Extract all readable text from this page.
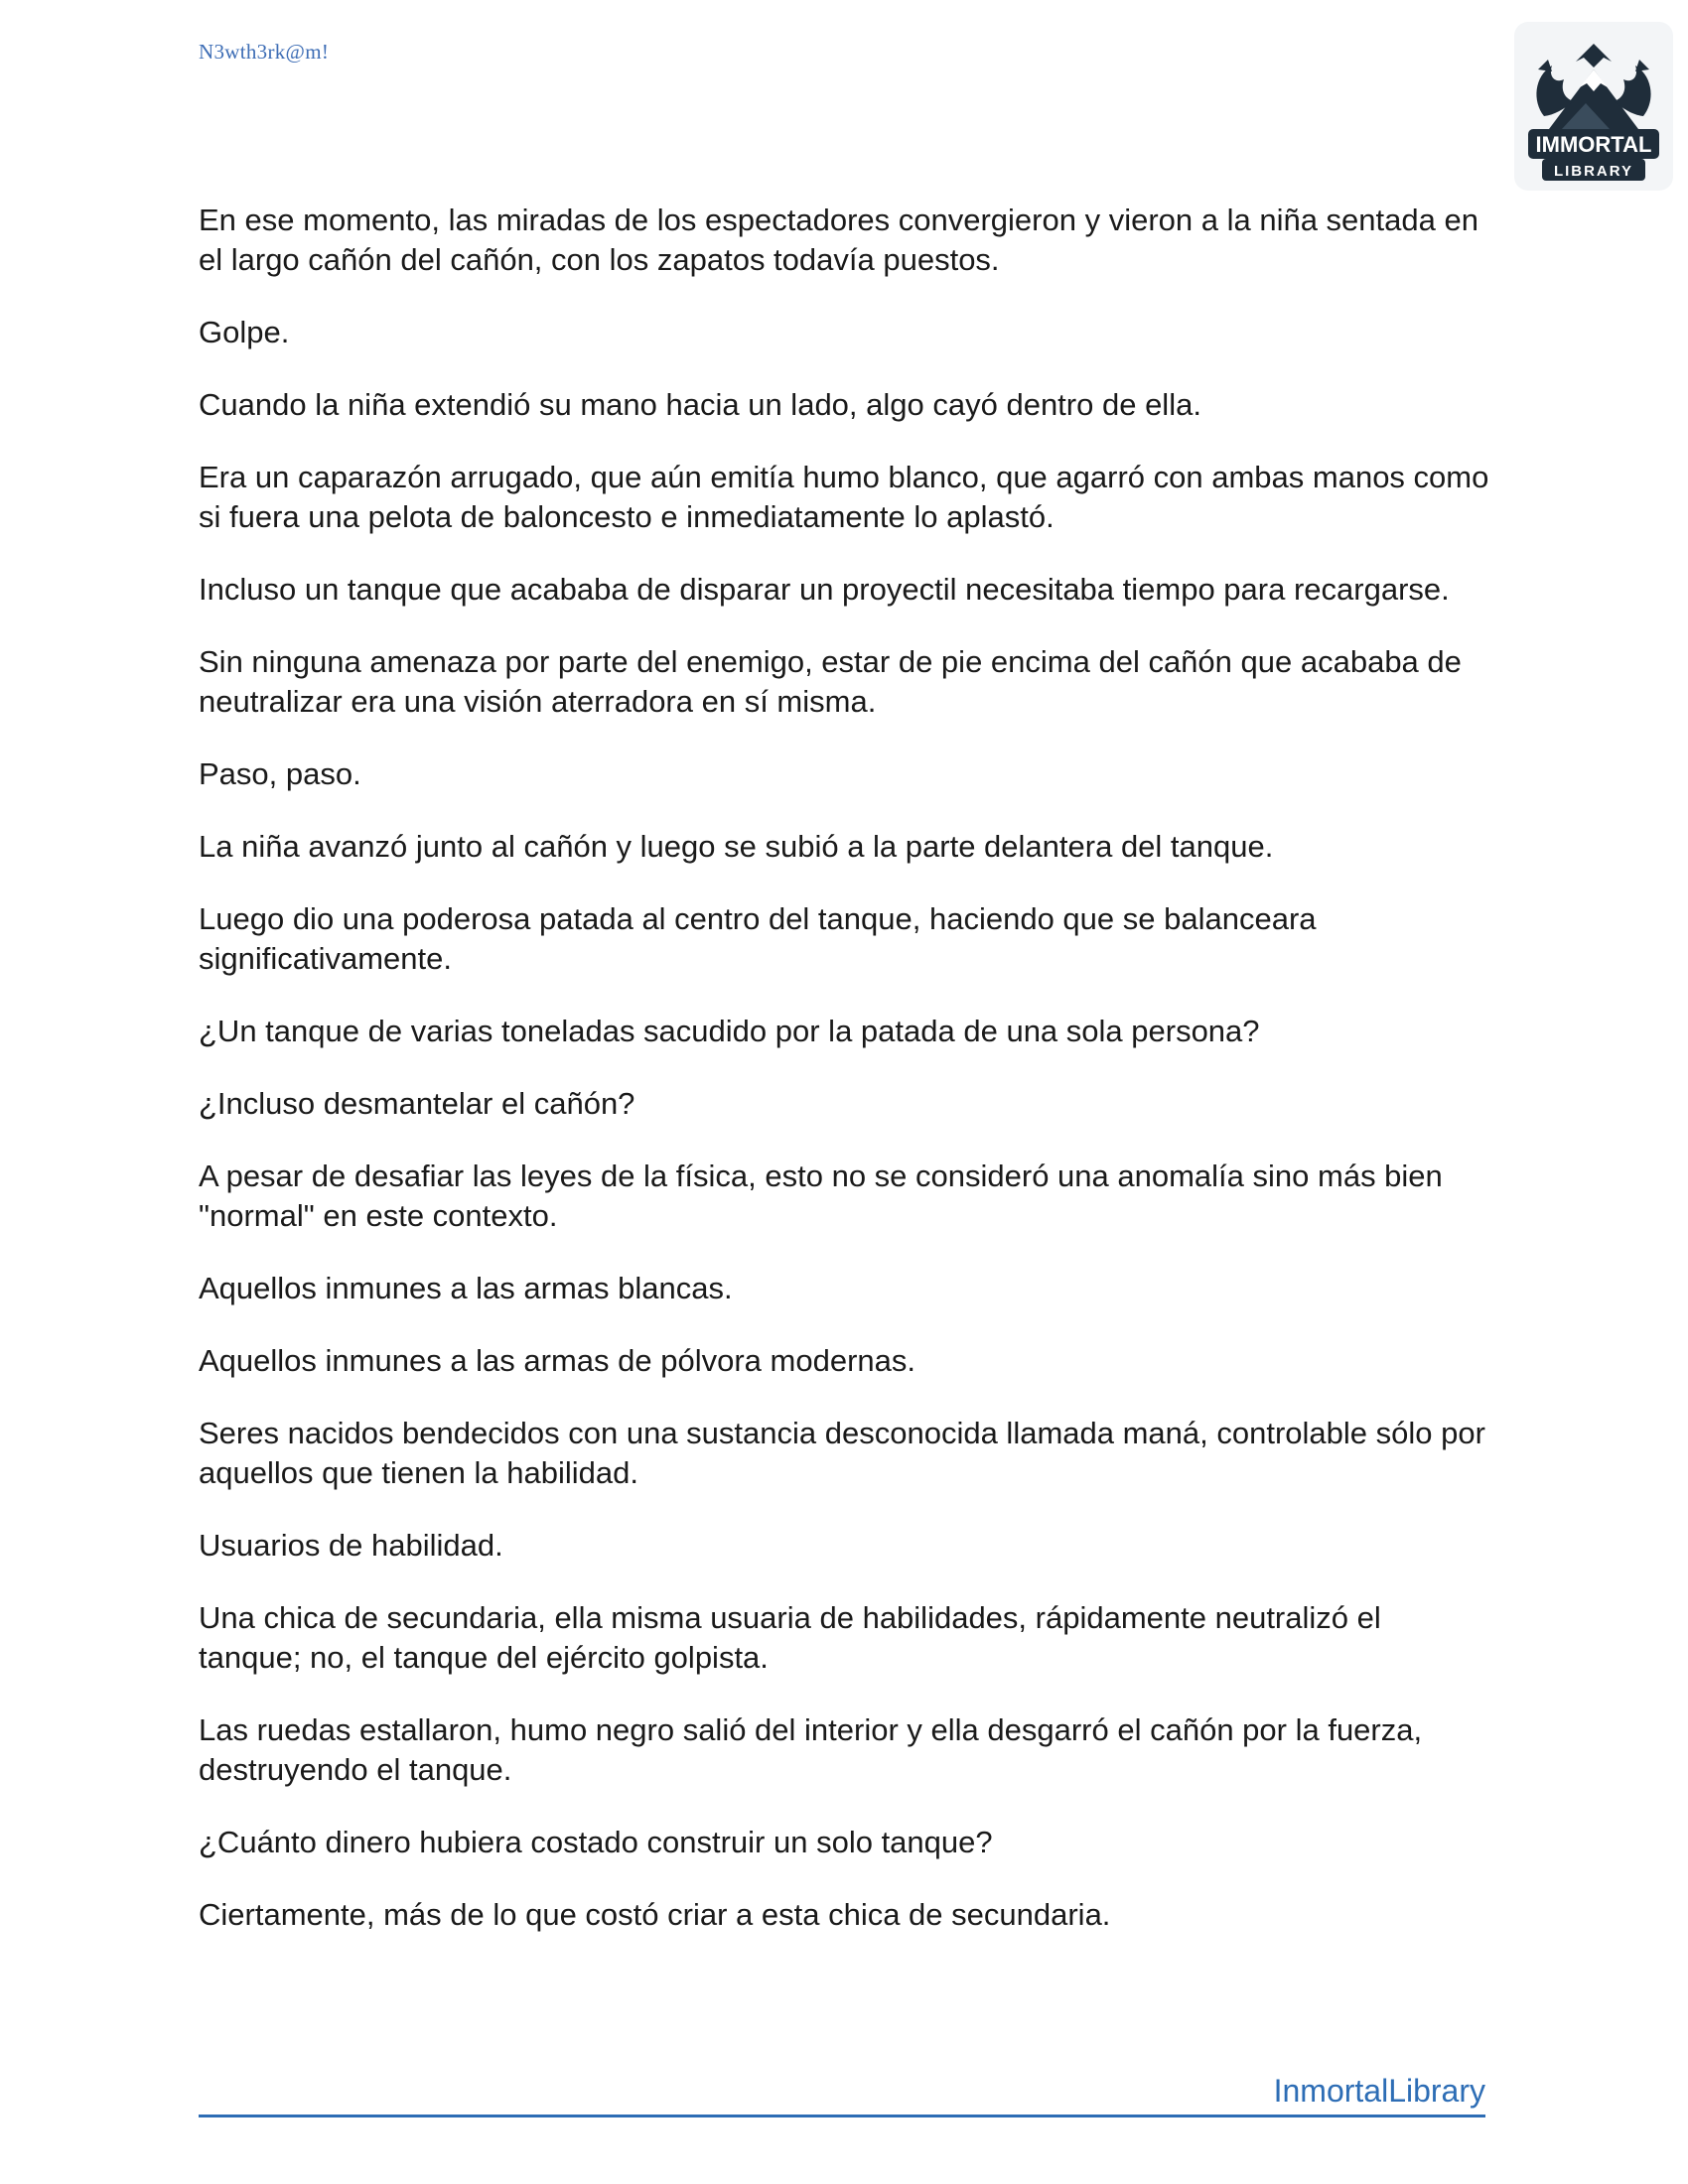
N3wth3rk@m!
IMMORTAL
LIBRARY

En ese momento, las miradas de los espectadores convergieron y vieron a la niña sentada en el largo cañón del cañón, con los zapatos todavía puestos.

Golpe.

Cuando la niña extendió su mano hacia un lado, algo cayó dentro de ella.

Era un caparazón arrugado, que aún emitía humo blanco, que agarró con ambas manos como si fuera una pelota de baloncesto e inmediatamente lo aplastó.

Incluso un tanque que acababa de disparar un proyectil necesitaba tiempo para recargarse.

Sin ninguna amenaza por parte del enemigo, estar de pie encima del cañón que acababa de neutralizar era una visión aterradora en sí misma.

Paso, paso.

La niña avanzó junto al cañón y luego se subió a la parte delantera del tanque.

Luego dio una poderosa patada al centro del tanque, haciendo que se balanceara significativamente.

¿Un tanque de varias toneladas sacudido por la patada de una sola persona?

¿Incluso desmantelar el cañón?

A pesar de desafiar las leyes de la física, esto no se consideró una anomalía sino más bien "normal" en este contexto.

Aquellos inmunes a las armas blancas.

Aquellos inmunes a las armas de pólvora modernas.

Seres nacidos bendecidos con una sustancia desconocida llamada maná, controlable sólo por aquellos que tienen la habilidad.

Usuarios de habilidad.

Una chica de secundaria, ella misma usuaria de habilidades, rápidamente neutralizó el tanque; no, el tanque del ejército golpista.

Las ruedas estallaron, humo negro salió del interior y ella desgarró el cañón por la fuerza, destruyendo el tanque.

¿Cuánto dinero hubiera costado construir un solo tanque?

Ciertamente, más de lo que costó criar a esta chica de secundaria.

InmortalLibrary
